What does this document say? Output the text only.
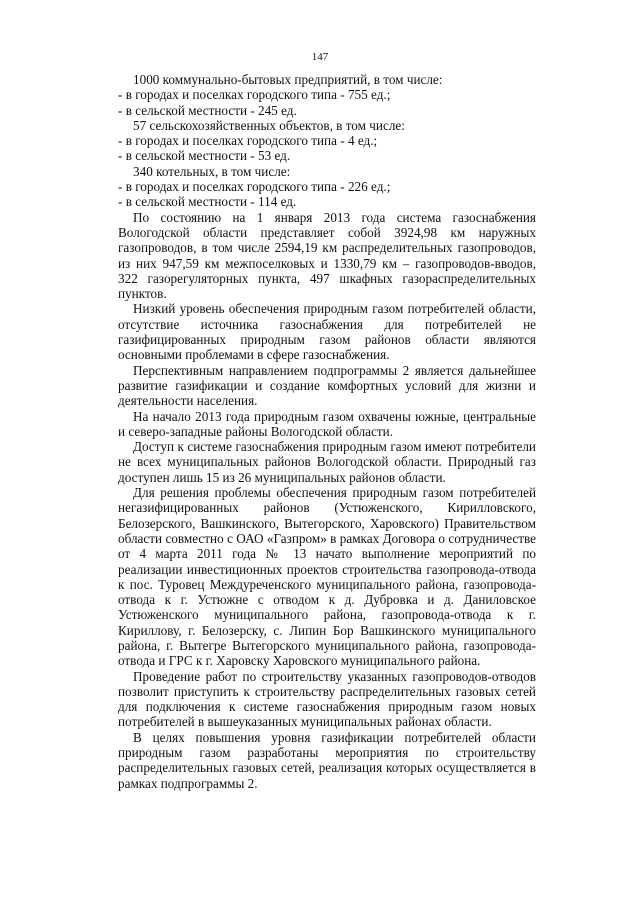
147

1000 коммунально-бытовых предприятий, в том числе:

- в городах и поселках городского типа - 755 ед.;

- в сельской местности - 245 ед.

57 сельскохозяйственных объектов, в том числе:

- в городах и поселках городского типа - 4 ед.;

- в сельской местности - 53 ед.

340 котельных, в том числе:

- в городах и поселках городского типа - 226 ед.;

- в сельской местности - 114 ед.

По состоянию на 1 января 2013 года система газоснабжения Вологодской области представляет собой 3924,98 км наружных газопроводов, в том числе 2594,19 км распределительных газопроводов, из них 947,59 км межпоселковых и 1330,79 км – газопроводов-вводов, 322 газорегуляторных пункта, 497 шкафных газораспределительных пунктов.

Низкий уровень обеспечения природным газом потребителей области, отсутствие источника газоснабжения для потребителей не газифицированных природным газом районов области являются основными проблемами в сфере газоснабжения.

Перспективным направлением подпрограммы 2 является дальнейшее развитие газификации и создание комфортных условий для жизни и деятельности населения.

На начало 2013 года природным газом охвачены южные, центральные и северо-западные районы Вологодской области.

Доступ к системе газоснабжения природным газом имеют потребители не всех муниципальных районов Вологодской области. Природный газ доступен лишь 15 из 26 муниципальных районов области.

Для решения проблемы обеспечения природным газом потребителей негазифицированных районов (Устюженского, Кирилловского, Белозерского, Вашкинского, Вытегорского, Харовского) Правительством области совместно с ОАО «Газпром» в рамках Договора о сотрудничестве от 4 марта 2011 года № 13 начато выполнение мероприятий по реализации инвестиционных проектов строительства газопровода-отвода к пос. Туровец Междуреченского муниципального района, газопровода-отвода к г. Устюжне с отводом к д. Дубровка и д. Даниловское Устюженского муниципального района, газопровода-отвода к г. Кириллову, г. Белозерску, с. Липин Бор Вашкинского муниципального района, г. Вытегре Вытегорского муниципального района, газопровода-отвода и ГРС к г. Харовску Харовского муниципального района.

Проведение работ по строительству указанных газопроводов-отводов позволит приступить к строительству распределительных газовых сетей для подключения к системе газоснабжения природным газом новых потребителей в вышеуказанных муниципальных районах области.

В целях повышения уровня газификации потребителей области природным газом разработаны мероприятия по строительству распределительных газовых сетей, реализация которых осуществляется в рамках подпрограммы 2.
